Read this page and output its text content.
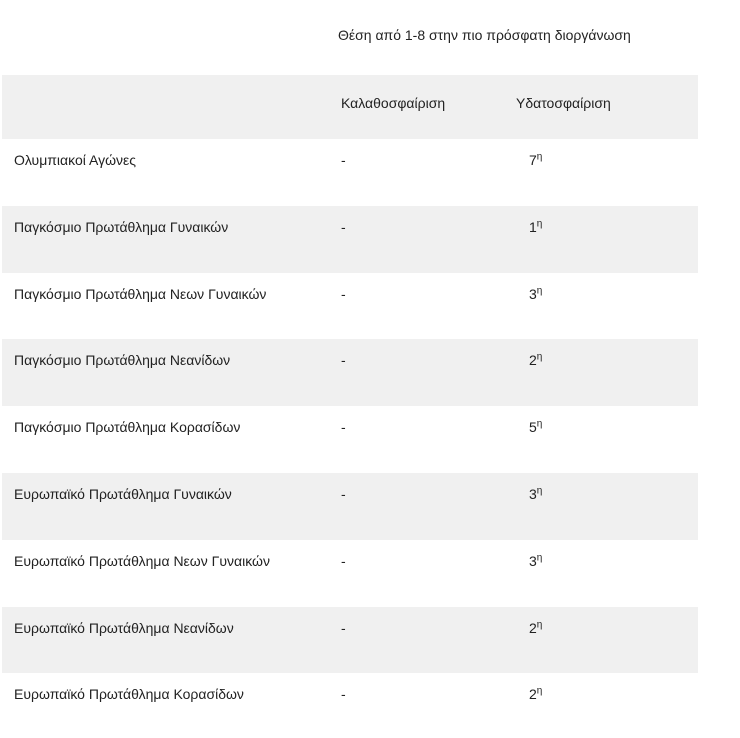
Θέση από 1-8 στην πιο πρόσφατη διοργάνωση
	Καλαθοσφαίριση	Υδατοσφαίριση
Ολυμπιακοί Αγώνες	-	$7^\eta$
Παγκόσμιο Πρωτάθλημα Γυναικών	-	$1^\eta$
Παγκόσμιο Πρωτάθλημα Νεων Γυναικών	-	$3^\eta$
Παγκόσμιο Πρωτάθλημα Νεανίδων	-	$2^\eta$
Παγκόσμιο Πρωτάθλημα Κορασίδων	-	$5^\eta$
Ευρωπαϊκό Πρωτάθλημα Γυναικών	-	$3^\eta$
Ευρωπαϊκό Πρωτάθλημα Νεων Γυναικών	-	$3^\eta$
Ευρωπαϊκό Πρωτάθλημα Νεανίδων	-	$2^\eta$
Ευρωπαϊκό Πρωτάθλημα Κορασίδων	-	$2^\eta$
